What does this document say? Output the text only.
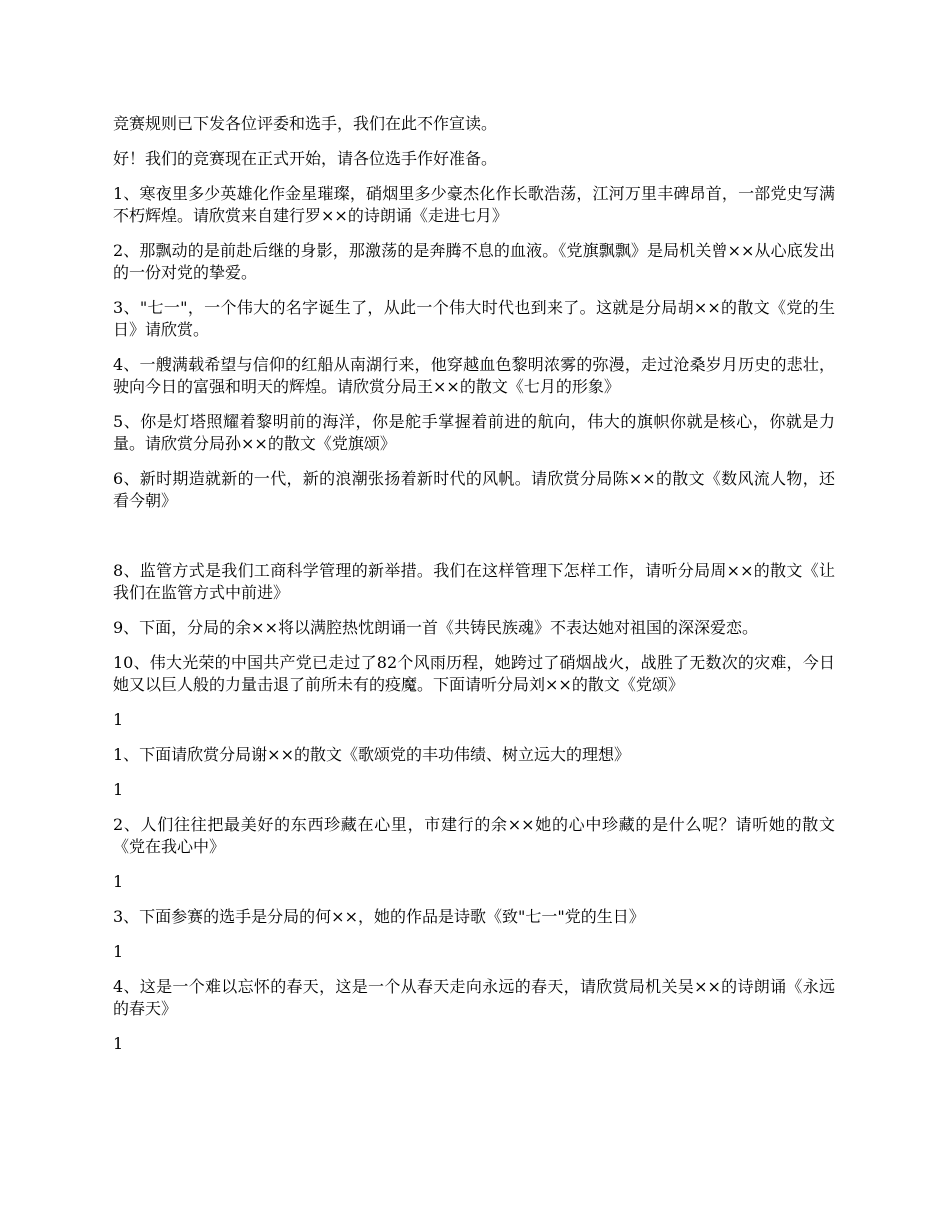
竞赛规则已下发各位评委和选手，我们在此不作宣读。

好！我们的竞赛现在正式开始，请各位选手作好准备。

1、寒夜里多少英雄化作金星璀璨，硝烟里多少豪杰化作长歌浩荡，江河万里丰碑昂首，一部党史写满不朽辉煌。请欣赏来自建行罗××的诗朗诵《走进七月》

2、那飘动的是前赴后继的身影，那激荡的是奔腾不息的血液。《党旗飘飘》是局机关曾××从心底发出的一份对党的挚爱。

3、"七一"，一个伟大的名字诞生了，从此一个伟大时代也到来了。这就是分局胡××的散文《党的生日》请欣赏。

4、一艘满载希望与信仰的红船从南湖行来，他穿越血色黎明浓雾的弥漫，走过沧桑岁月历史的悲壮，驶向今日的富强和明天的辉煌。请欣赏分局王××的散文《七月的形象》

5、你是灯塔照耀着黎明前的海洋，你是舵手掌握着前进的航向，伟大的旗帜你就是核心，你就是力量。请欣赏分局孙××的散文《党旗颂》

6、新时期造就新的一代，新的浪潮张扬着新时代的风帆。请欣赏分局陈××的散文《数风流人物，还看今朝》

8、监管方式是我们工商科学管理的新举措。我们在这样管理下怎样工作，请听分局周××的散文《让我们在监管方式中前进》

9、下面，分局的余××将以满腔热忱朗诵一首《共铸民族魂》不表达她对祖国的深深爱恋。

10、伟大光荣的中国共产党已走过了82个风雨历程，她跨过了硝烟战火，战胜了无数次的灾难，今日她又以巨人般的力量击退了前所未有的疫魔。下面请听分局刘××的散文《党颂》

1

1、下面请欣赏分局谢××的散文《歌颂党的丰功伟绩、树立远大的理想》

1

2、人们往往把最美好的东西珍藏在心里，市建行的余××她的心中珍藏的是什么呢？请听她的散文《党在我心中》

1

3、下面参赛的选手是分局的何××，她的作品是诗歌《致"七一"党的生日》

1

4、这是一个难以忘怀的春天，这是一个从春天走向永远的春天，请欣赏局机关吴××的诗朗诵《永远的春天》

1
